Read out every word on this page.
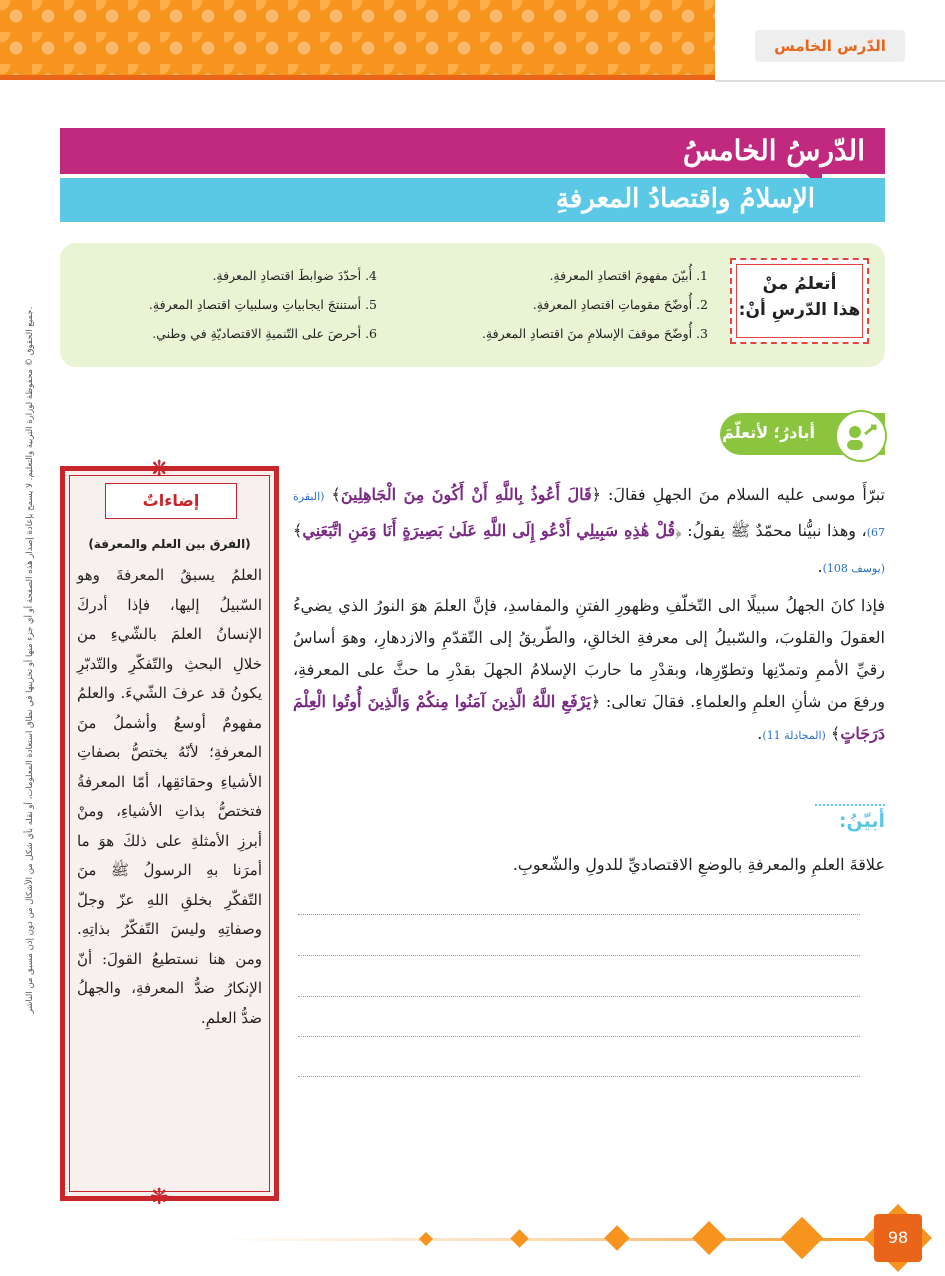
الدّرس الخامس
جميع الحقوق © محفوظة لوزارة التربية والتعليم. لا يسمح بإعادة إصدار هذه الصفحة أو أي جزء منها أو تخزينها في نطاق استعادة المعلومات، أو نقله بأي شكل من الأشكال من دون إذن مسبق من الناشر.
الدّرسُ الخامسُ
الإسلامُ واقتصادُ المعرفةِ
أتعلمُ منْ
هذا الدّرسِ أنْ:
1. أُبيّنَ مفهومَ اقتصادِ المعرفةِ.
2. أُوضّحَ مقوماتِ اقتصادِ المعرفةِ.
3. أُوضّحَ موقفَ الإسلامِ منَ اقتصادِ المعرفةِ.
4. أحدّدَ ضوابطَ اقتصادِ المعرفةِ.
5. أستنتجَ ايجابياتِ وسلبياتِ اقتصادِ المعرفةِ.
6. أحرصَ على التّنميةِ الاقتصاديّةِ في وطني.
أبادرُ؛ لأتعلّمَ
❋
❋
إضاءاتٌ
(الفرق بين العلم والمعرفة)
العلمُ يسبقُ المعرفةَ وهو السّبيلُ إليها، فإذا أدركَ الإنسانُ العلمَ بالشّيءِ من خلالِ البحثِ والتّفكّرِ والتّدبّرِ يكونُ قد عرفَ الشّيءَ. والعلمُ مفهومٌ أوسعُ وأشملُ منَ المعرفةِ؛ لأنّهُ يختصُّ بصفاتِ الأشياءِ وحقائقِها، أمّا المعرفةُ فتختصُّ بذاتِ الأشياءِ، ومنْ أبرزِ الأمثلةِ على ذلكَ هوَ ما أمرَنا بهِ الرسولُ ﷺ منَ التّفكّرِ بخلقِ اللهِ عزّ وجلّ وصفاتِهِ وليسَ التّفكّرُ بذاتِهِ. ومن هنا نستطيعُ القولَ: أنّ الإنكارُ ضدُّ المعرفةِ، والجهلُ ضدُّ العلمِ.
تبرّأَ موسى عليه السلام منَ الجهلِ فقالَ: ﴿قَالَ أَعُوذُ بِاللَّهِ أَنْ أَكُونَ مِنَ الْجَاهِلِينَ﴾ (البقرة 67)، وهذا نبيُّنا محمّدٌ ﷺ يقولُ: ﴿قُلْ هَٰذِهِ سَبِيلِي أَدْعُو إِلَى اللَّهِ عَلَىٰ بَصِيرَةٍ أَنَا وَمَنِ اتَّبَعَنِي﴾ (يوسف 108).
فإذا كانَ الجهلُ سبيلًا الى التّخلّفِ وظهورِ الفتنِ والمفاسدِ، فإنَّ العلمَ هوَ النورُ الذي يضيءُ العقولَ والقلوبَ، والسّبيلُ إلى معرفةِ الخالقِ، والطّريقُ إلى التّقدّمِ والازدهارِ، وهوَ أساسُ رقيِّ الأممِ وتمدّنِها وتطوّرِها، وبقدْرِ ما حاربَ الإسلامُ الجهلَ بقدْرِ ما حثَّ على المعرفةِ، ورفعَ من شأنِ العلمِ والعلماءِ. فقالَ تعالى: ﴿يَرْفَعِ اللَّهُ الَّذِينَ آمَنُوا مِنكُمْ وَالَّذِينَ أُوتُوا الْعِلْمَ دَرَجَاتٍ﴾ (المجادلة 11).
أبيّنُ:
علاقةَ العلمِ والمعرفةِ بالوضعِ الاقتصاديِّ للدولِ والشّعوبِ.
98
